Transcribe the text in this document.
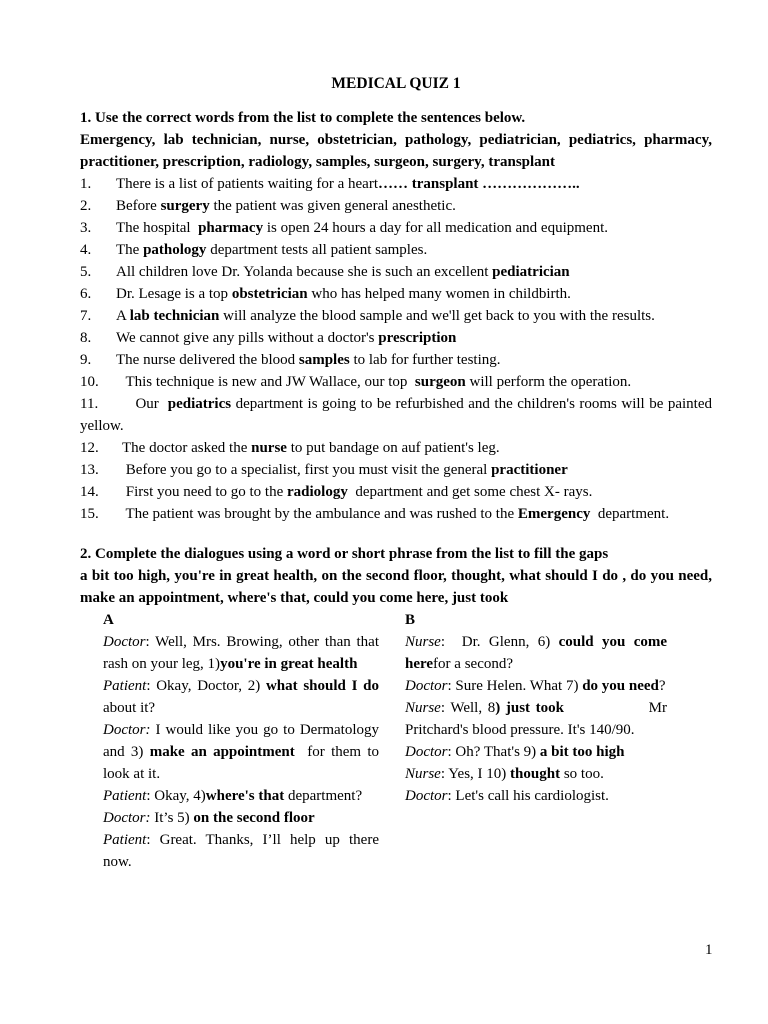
MEDICAL QUIZ 1

1. Use the correct words from the list to complete the sentences below.

Emergency, lab technician, nurse, obstetrician, pathology, pediatrician, pediatrics, pharmacy, practitioner, prescription, radiology, samples, surgeon, surgery, transplant

1. There is a list of patients waiting for a heart…… transplant ………………..
2. Before surgery the patient was given general anesthetic.
3. The hospital  pharmacy is open 24 hours a day for all medication and equipment.
4. The pathology department tests all patient samples.
5. All children love Dr. Yolanda because she is such an excellent pediatrician
6. Dr. Lesage is a top obstetrician who has helped many women in childbirth.
7. A lab technician will analyze the blood sample and we'll get back to you with the results.
8. We cannot give any pills without a doctor's prescription
9. The nurse delivered the blood samples to lab for further testing.
10. This technique is new and JW Wallace, our top  surgeon will perform the operation.
11.   Our  pediatrics department is going to be refurbished and the children's rooms will be painted yellow.
12. The doctor asked the nurse to put bandage on auf patient's leg.
13. Before you go to a specialist, first you must visit the general practitioner
14. First you need to go to the radiology  department and get some chest X- rays.
15. The patient was brought by the ambulance and was rushed to the Emergency  department.

2. Complete the dialogues using a word or short phrase from the list to fill the gaps

a bit too high, you're in great health, on the second floor, thought, what should I do , do you need, make an appointment, where's that, could you come here, just took

A
Doctor: Well, Mrs. Browing, other than that rash on your leg, 1)you're in great health
Patient: Okay, Doctor, 2) what should I do about it?
Doctor: I would like you go to Dermatology and 3) make an appointment  for them to look at it.
Patient: Okay, 4)where's that department?
Doctor: It’s 5) on the second floor
Patient: Great. Thanks, I’ll help up there now.
B
Nurse:  Dr. Glenn, 6) could you come herefor a second?
Doctor: Sure Helen. What 7) do you need?
Nurse: Well, 8) just took               Mr Pritchard's blood pressure. It's 140/90.
Doctor: Oh? That's 9) a bit too high
Nurse: Yes, I 10) thought so too.
Doctor: Let's call his cardiologist.
1
